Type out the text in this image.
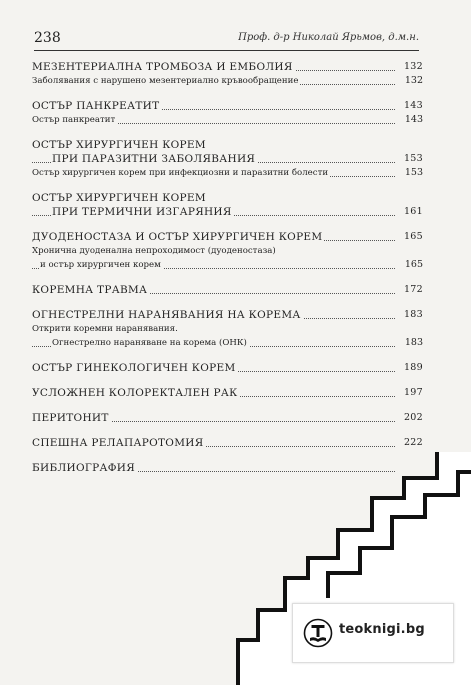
238	Проф. д-р Николай Ярьмов, д.м.н.
МЕЗЕНТЕРИАЛНА ТРОМБОЗА И ЕМБОЛИЯ	132
Заболявания с нарушено мезентериално кръвообращение	132
ОСТЪР ПАНКРЕАТИТ	143
Остър панкреатит	143
ОСТЪР ХИРУРГИЧЕН КОРЕМ
ПРИ ПАРАЗИТНИ ЗАБОЛЯВАНИЯ	153
Остър хирургичен корем при инфекциозни и паразитни болести	153
ОСТЪР ХИРУРГИЧЕН КОРЕМ
ПРИ ТЕРМИЧНИ ИЗГАРЯНИЯ	161
ДУОДЕНОСТАЗА И ОСТЪР ХИРУРГИЧЕН КОРЕМ	165
Хронична дуоденална непроходимост (дуоденостаза)
и остър хирургичен корем	165
КОРЕМНА ТРАВМА	172
ОГНЕСТРЕЛНИ НАРАНЯВАНИЯ НА КОРЕМА	183
Открити коремни наранявания.
Огнестрелно нараняване на корема (ОНК)	183
ОСТЪР ГИНЕКОЛОГИЧЕН КОРЕМ	189
УСЛОЖНЕН КОЛОРЕКТАЛЕН РАК	197
ПЕРИТОНИТ	202
СПЕШНА РЕЛАПАРОТОМИЯ	222
БИБЛИОГРАФИЯ
teoknigi.bg
